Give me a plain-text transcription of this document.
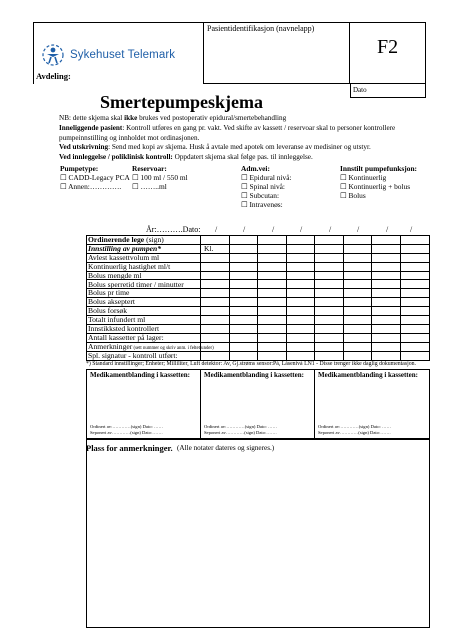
Sykehuset Telemark
Avdeling:
Pasientidentifikasjon (navnelapp)
F2
Dato
Smertepumpeskjema
NB: dette skjema skal ikke brukes ved postoperativ epidural/smertebehandling
Inneliggende pasient: Kontroll utføres en gang pr. vakt. Ved skifte av kassett / reservoar skal to personer kontrollere pumpeinnstilling og innholdet mot ordinasjonen.
Ved utskrivning: Send med kopi av skjema. Husk å avtale med apotek om leveranse av medisiner og utstyr.
Ved innleggelse / poliklinisk kontroll: Oppdatert skjema skal følge pas. til innleggelse.
Pumpetype:
☐ CADD-Legacy PCA
☐ Annen:………….
Reservoar:
☐ 100 ml / 550 ml
☐ ……..ml
Adm.vei:
☐ Epidural nivå:
☐ Spinal nivå:
☐ Subcutan:
☐ Intravenøs:
Innstilt pumpefunksjon:
☐ Kontinuerlig
☐ Kontinuerlig + bolus
☐ Bolus
År:……….Dato: /	/	/	/	/	/	/	/
Ordinerende lege (sign)
Innstilling av pumpen*	Kl.
Avlest kassettvolum ml
Kontinuerlig hastighet ml/t
Bolus mengde ml
Bolus sperretid timer / minutter
Bolus pr time
Bolus akseptert
Bolus forsøk
Totalt infundert ml
Innstikksted kontrollert
Antall kassetter på lager:
Anmerkninger (sett nummer og skriv anm. i feltet under)
Spl. signatur - kontroll utført:
*) Standard innstillinger; Enheter; Milliliter, Luft detektor: Av, Gj.strøms sensor:På, Låsenivå LN1 - Disse trenger ikke daglig dokumentasjon.
Medikamentblanding i kassetten:
Ordinert av:…………(sign) Dato: ……
Seponert av…………(sign) Dato:…….
Medikamentblanding i kassetten:
Ordinert av:…………(sign) Dato: ……
Seponert av…………(sign) Dato:…….
Medikamentblanding i kassetten:
Ordinert av:…………(sign) Dato: ……
Seponert av…………(sign) Dato:…….
Plass for anmerkninger. (Alle notater dateres og signeres.)
